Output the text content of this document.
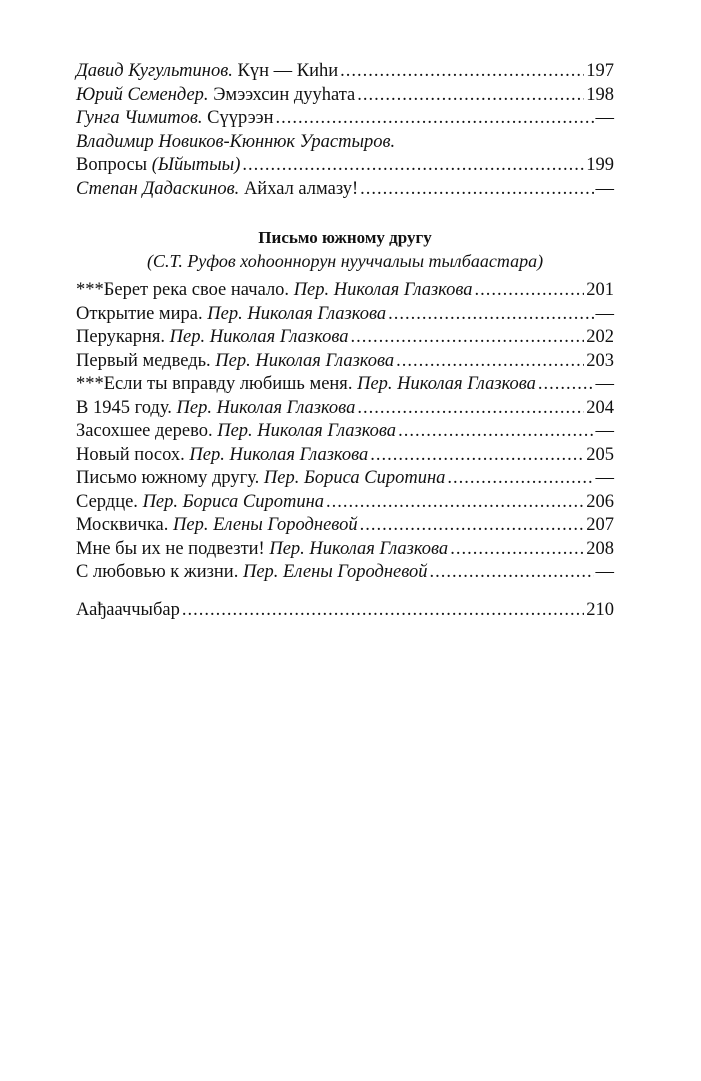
Давид Кугультинов. Күн — Киhи .....	197
Юрий Семендер. Эмээхсин дууhата .....	198
Гунга Чимитов. Сүүрээн .....	—
Владимир Новиков-Кюннюк Урастыров.
Вопросы (Ыйытыы) .....	199
Степан Дадаскинов. Айхал алмазу! .....	—
Письмо южному другу
(С.Т. Руфов хоhооннорун нууччалыы тылбаастара)
***Берет река свое начало. Пер. Николая Глазкова .....	201
Открытие мира. Пер. Николая Глазкова .....	—
Перукарня. Пер. Николая Глазкова .....	202
Первый медведь. Пер. Николая Глазкова .....	203
***Если ты вправду любишь меня. Пер. Николая Глазкова .....	—
В 1945 году. Пер. Николая Глазкова .....	204
Засохшее дерево. Пер. Николая Глазкова .....	—
Новый посох. Пер. Николая Глазкова .....	205
Письмо южному другу. Пер. Бориса Сиротина .....	—
Сердце. Пер. Бориса Сиротина .....	206
Москвичка. Пер. Елены Городневой .....	207
Мне бы их не подвезти! Пер. Николая Глазкова .....	208
С любовью к жизни. Пер. Елены Городневой .....	—
Аађааччыбар .....	210
